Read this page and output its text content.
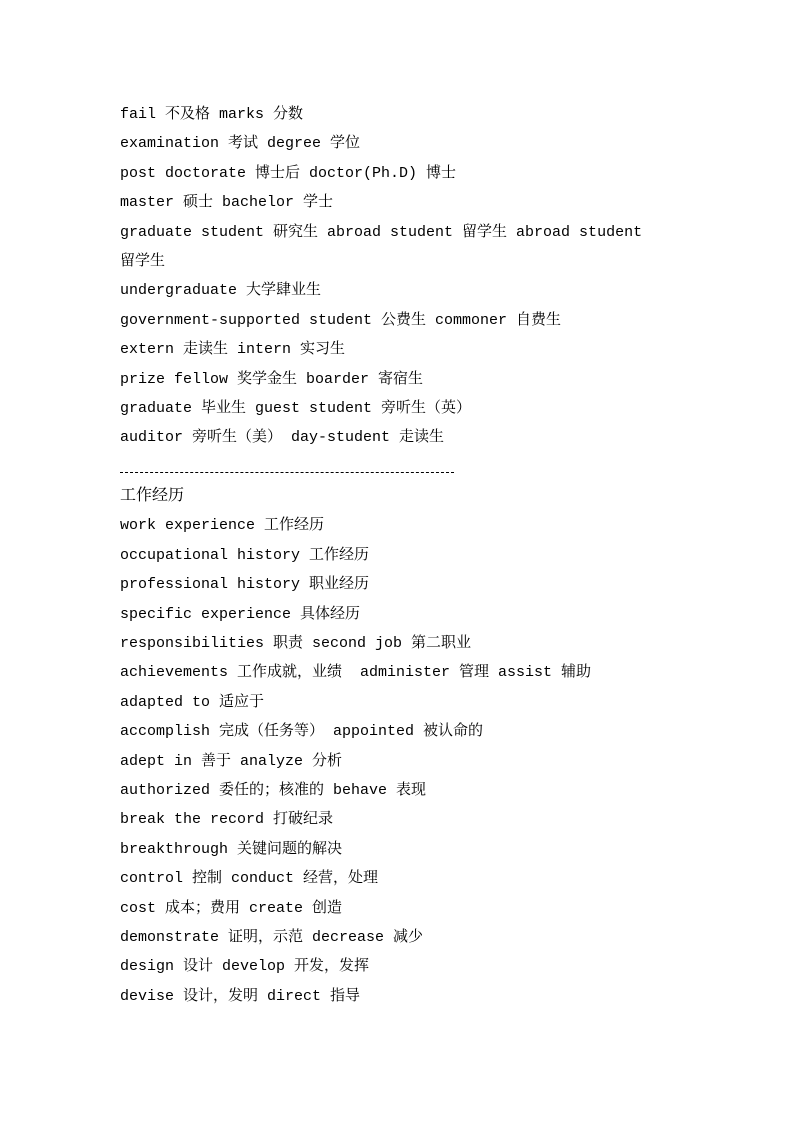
fail 不及格 marks 分数
examination 考试 degree 学位
post doctorate 博士后 doctor(Ph.D) 博士
master 硕士 bachelor 学士
graduate student 研究生 abroad student 留学生 abroad student
留学生
undergraduate 大学肆业生
government-supported student 公费生 commoner 自费生
extern 走读生 intern 实习生
prize fellow 奖学金生 boarder 寄宿生
graduate 毕业生 guest student 旁听生（英）
auditor 旁听生（美） day-student 走读生
工作经历
work experience 工作经历
occupational history 工作经历
professional history 职业经历
specific experience 具体经历
responsibilities 职责 second job 第二职业
achievements 工作成就，业绩  administer 管理 assist 辅助
adapted to 适应于
accomplish 完成（任务等） appointed 被认命的
adept in 善于 analyze 分析
authorized 委任的；核准的 behave 表现
break the record 打破纪录
breakthrough 关键问题的解决
control 控制 conduct 经营，处理
cost 成本；费用 create 创造
demonstrate 证明，示范 decrease 减少
design 设计 develop 开发，发挥
devise 设计，发明 direct 指导
